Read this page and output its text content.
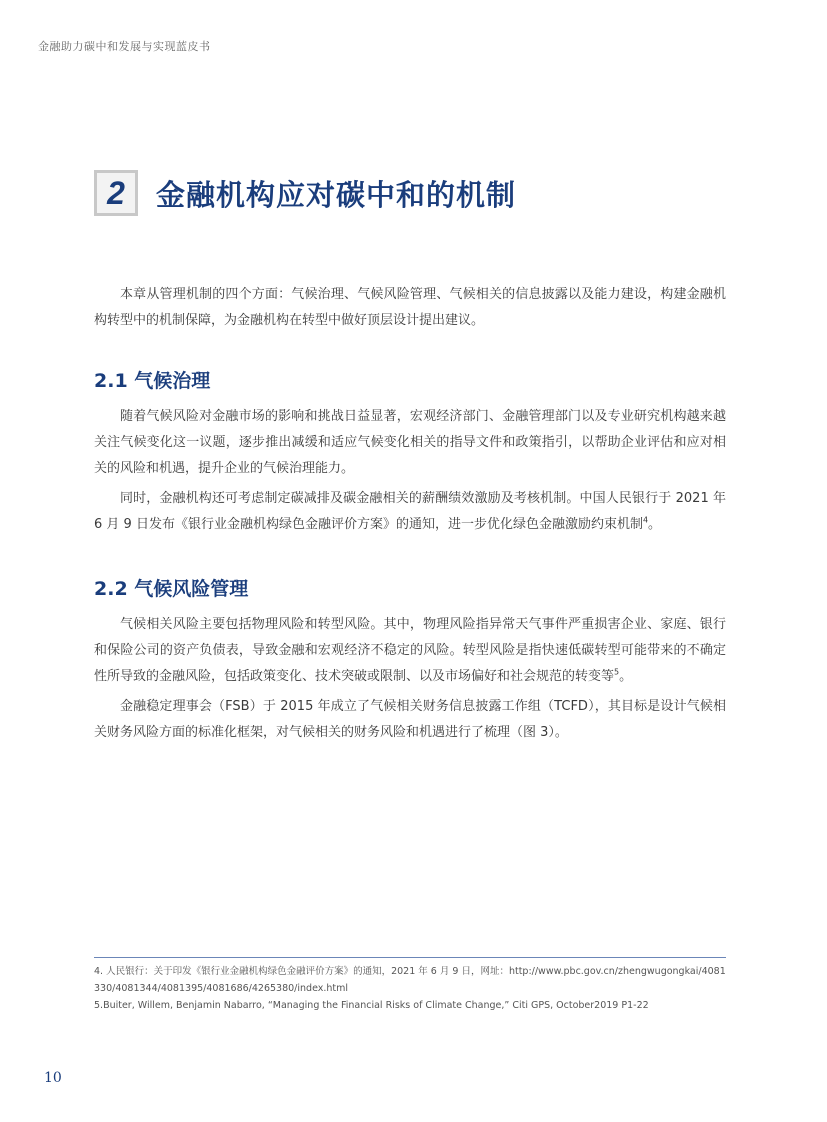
金融助力碳中和发展与实现蓝皮书
2	金融机构应对碳中和的机制

本章从管理机制的四个方面：气候治理、气候风险管理、气候相关的信息披露以及能力建设，构建金融机构转型中的机制保障，为金融机构在转型中做好顶层设计提出建议。

2.1 气候治理

随着气候风险对金融市场的影响和挑战日益显著，宏观经济部门、金融管理部门以及专业研究机构越来越关注气候变化这一议题，逐步推出减缓和适应气候变化相关的指导文件和政策指引，以帮助企业评估和应对相关的风险和机遇，提升企业的气候治理能力。

同时，金融机构还可考虑制定碳减排及碳金融相关的薪酬绩效激励及考核机制。中国人民银行于 2021 年 6 月 9 日发布《银行业金融机构绿色金融评价方案》的通知，进一步优化绿色金融激励约束机制$^4$。

2.2 气候风险管理

气候相关风险主要包括物理风险和转型风险。其中，物理风险指异常天气事件严重损害企业、家庭、银行和保险公司的资产负债表，导致金融和宏观经济不稳定的风险。转型风险是指快速低碳转型可能带来的不确定性所导致的金融风险，包括政策变化、技术突破或限制、以及市场偏好和社会规范的转变等$^5$。

金融稳定理事会（FSB）于 2015 年成立了气候相关财务信息披露工作组（TCFD），其目标是设计气候相关财务风险方面的标准化框架，对气候相关的财务风险和机遇进行了梳理（图 3）。

4. 人民银行：关于印发《银行业金融机构绿色金融评价方案》的通知，2021 年 6 月 9 日，网址：http://www.pbc.gov.cn/zhengwugongkai/4081330/4081344/4081395/4081686/4265380/index.html
5.Buiter, Willem, Benjamin Nabarro, “Managing the Financial Risks of Climate Change,” Citi GPS, October2019 P1-22
10
